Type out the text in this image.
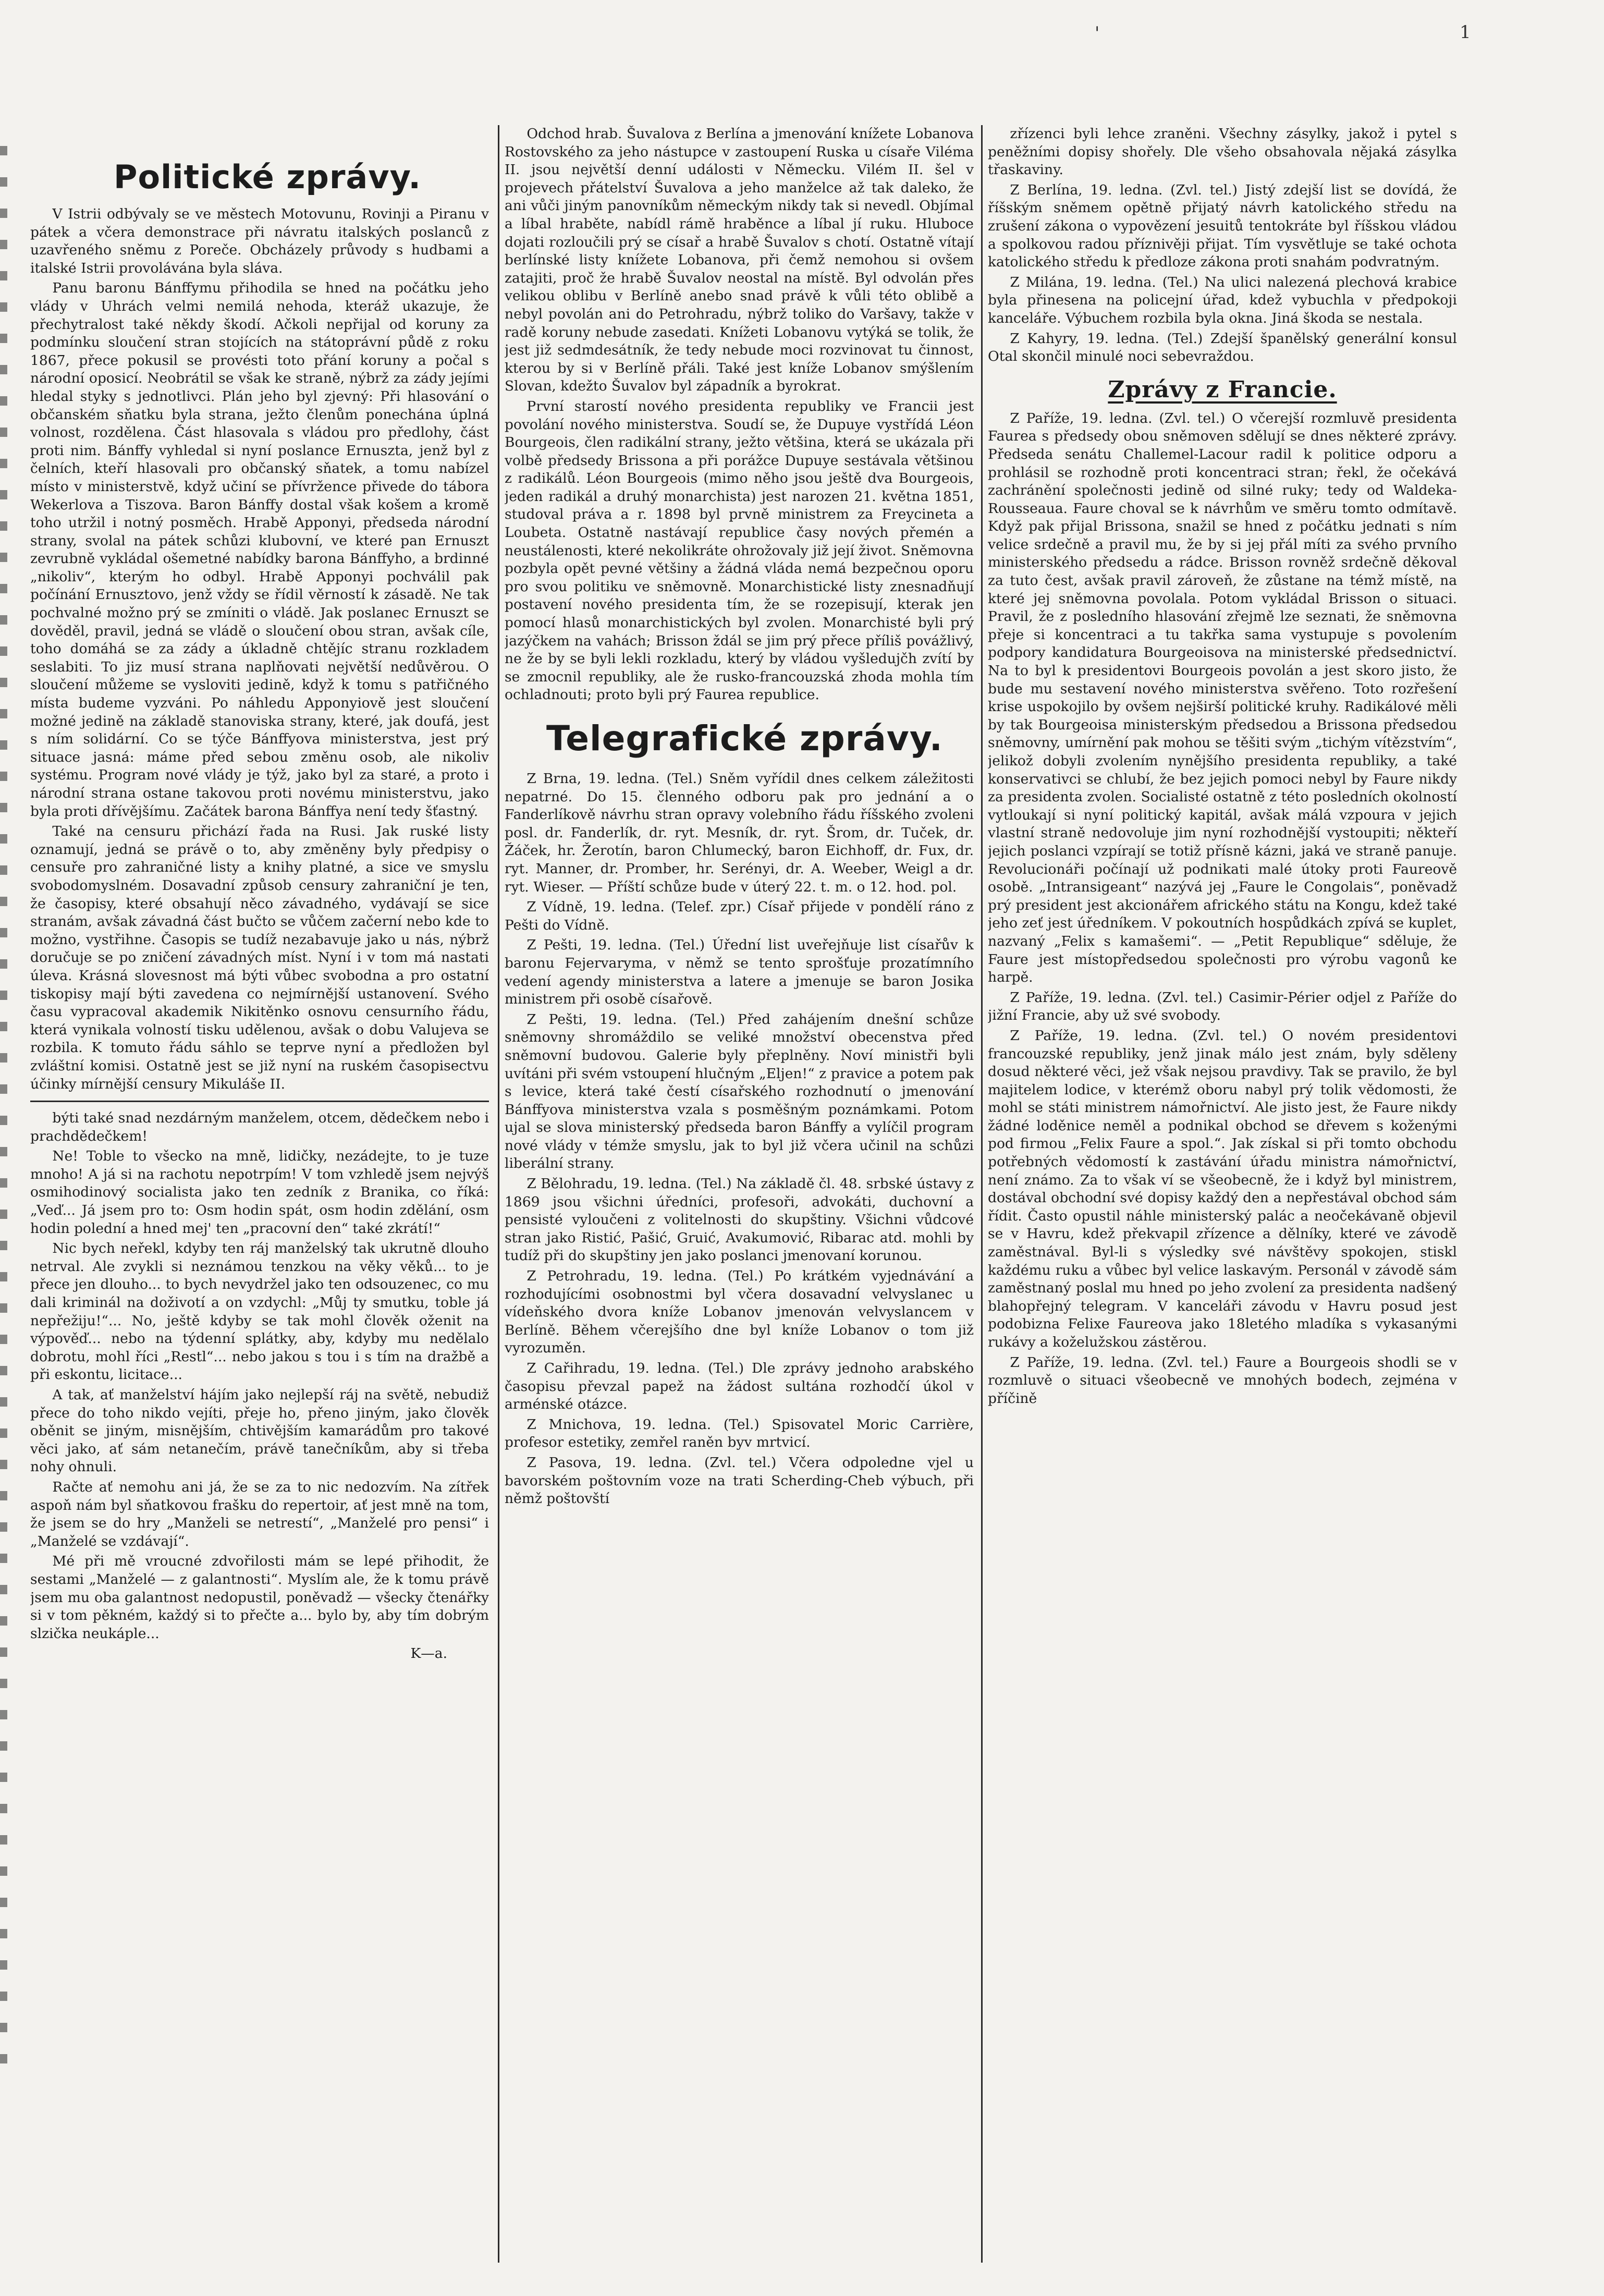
'	1
Politické zprávy.

V Istrii odbývaly se ve městech Motovunu, Rovinji a Piranu v pátek a včera demonstrace při návratu italských poslanců z uzavřeného sněmu z Poreče. Obcházely průvody s hudbami a italské Istrii provolávána byla sláva.

Panu baronu Bánffymu přihodila se hned na počátku jeho vlády v Uhrách velmi nemilá nehoda, kteráž ukazuje, že přechytralost také někdy škodí. Ačkoli nepřijal od koruny za podmínku sloučení stran stojících na státoprávní půdě z roku 1867, přece pokusil se provésti toto přání koruny a počal s národní oposicí. Neobrátil se však ke straně, nýbrž za zády jejími hledal styky s jednotlivci. Plán jeho byl zjevný: Při hlasování o občanském sňatku byla strana, ježto členům ponechána úplná volnost, rozdělena. Část hlasovala s vládou pro předlohy, část proti nim. Bánffy vyhledal si nyní poslance Ernuszta, jenž byl z čelních, kteří hlasovali pro občanský sňatek, a tomu nabízel místo v ministerstvě, když učiní se přívržence přivede do tábora Wekerlova a Tiszova. Baron Bánffy dostal však košem a kromě toho utržil i notný posměch. Hrabě Apponyi, předseda národní strany, svolal na pátek schůzi klubovní, ve které pan Ernuszt zevrubně vykládal ošemetné nabídky barona Bánffyho, a brdinné „nikoliv“, kterým ho odbyl. Hrabě Apponyi pochválil pak počínání Ernusztovo, jenž vždy se řídil věrností k zásadě. Ne tak pochvalné možno prý se zmíniti o vládě. Jak poslanec Ernuszt se dověděl, pravil, jedná se vládě o sloučení obou stran, avšak cíle, toho domáhá se za zády a úkladně chtějíc stranu rozkladem seslabiti. To jiz musí strana naplňovati největší nedůvěrou. O sloučení můžeme se vysloviti jedině, když k tomu s patřičného místa budeme vyzváni. Po náhledu Apponyiově jest sloučení možné jedině na základě stanoviska strany, které, jak doufá, jest s ním solidární. Co se týče Bánffyova ministerstva, jest prý situace jasná: máme před sebou změnu osob, ale nikoliv systému. Program nové vlády je týž, jako byl za staré, a proto i národní strana ostane takovou proti novému ministerstvu, jako byla proti dřívějšímu. Začátek barona Bánffya není tedy šťastný.

Také na censuru přichází řada na Rusi. Jak ruské listy oznamují, jedná se právě o to, aby změněny byly předpisy o censuře pro zahraničné listy a knihy platné, a sice ve smyslu svobodomyslném. Dosavadní způsob censury zahraniční je ten, že časopisy, které obsahují něco závadného, vydávají se sice stranám, avšak závadná část bučto se vůčem začerní nebo kde to možno, vystřihne. Časopis se tudíž nezabavuje jako u nás, nýbrž doručuje se po zničení závadných míst. Nyní i v tom má nastati úleva. Krásná slovesnost má býti vůbec svobodna a pro ostatní tiskopisy mají býti zavedena co nejmírnější ustanovení. Svého času vypracoval akademik Nikitěnko osnovu censurního řádu, která vynikala volností tisku udělenou, avšak o dobu Valujeva se rozbila. K tomuto řádu sáhlo se teprve nyní a předložen byl zvláštní komisi. Ostatně jest se již nyní na ruském časopisectvu účinky mírnější censury Mikuláše II.

býti také snad nezdárným manželem, otcem, dědečkem nebo i prachdědečkem!

Ne! Toble to všecko na mně, lidičky, nezádejte, to je tuze mnoho! A já si na rachotu nepotrpím! V tom vzhledě jsem nejvýš osmihodinový socialista jako ten zedník z Branika, co říká: „Veď... Já jsem pro to: Osm hodin spát, osm hodin zdělání, osm hodin polední a hned mej' ten „pracovní den“ také zkrátí!“

Nic bych neřekl, kdyby ten ráj manželský tak ukrutně dlouho netrval. Ale zvykli si neznámou tenzkou na věky věků... to je přece jen dlouho... to bych nevydržel jako ten odsouzenec, co mu dali kriminál na doživotí a on vzdychl: „Můj ty smutku, toble já nepřežiju!“... No, ještě kdyby se tak mohl člověk oženit na výpověď... nebo na týdenní splátky, aby, kdyby mu nedělalo dobrotu, mohl říci „Restl“... nebo jakou s tou i s tím na dražbě a při eskontu, licitace...

A tak, ať manželství hájím jako nejlepší ráj na světě, nebudiž přece do toho nikdo vejíti, přeje ho, přeno jiným, jako člověk oběnit se jiným, misnějším, chtivějším kamarádům pro takové věci jako, ať sám netanečím, právě tanečníkům, aby si třeba nohy ohnuli.

Račte ať nemohu ani já, že se za to nic nedozvím. Na zítřek aspoň nám byl sňatkovou frašku do repertoir, ať jest mně na tom, že jsem se do hry „Manželi se netrestí“, „Manželé pro pensi“ i „Manželé se vzdávají“.

Mé při mě vroucné zdvořilosti mám se lepé přihodit, že sestami „Manželé — z galantnosti“. Myslím ale, že k tomu právě jsem mu oba galantnost nedopustil, poněvadž — všecky čtenářky si v tom pěkném, každý si to přečte a... bylo by, aby tím dobrým slzička neukáple...

K—a.

Odchod hrab. Šuvalova z Berlína a jmenování knížete Lobanova Rostovského za jeho nástupce v zastoupení Ruska u císaře Viléma II. jsou největší denní události v Německu. Vilém II. šel v projevech přátelství Šuvalova a jeho manželce až tak daleko, že ani vůči jiným panovníkům německým nikdy tak si nevedl. Objímal a líbal hraběte, nabídl rámě hraběnce a líbal jí ruku. Hluboce dojati rozloučili prý se císař a hrabě Šuvalov s chotí. Ostatně vítají berlínské listy knížete Lobanova, při čemž nemohou si ovšem zatajiti, proč že hrabě Šuvalov neostal na místě. Byl odvolán přes velikou oblibu v Berlíně anebo snad právě k vůli této oblibě a nebyl povolán ani do Petrohradu, nýbrž toliko do Varšavy, takže v radě koruny nebude zasedati. Knížeti Lobanovu vytýká se tolik, že jest již sedmdesátník, že tedy nebude moci rozvinovat tu činnost, kterou by si v Berlíně přáli. Také jest kníže Lobanov smýšlením Slovan, kdežto Šuvalov byl západník a byrokrat.

První starostí nového presidenta republiky ve Francii jest povolání nového ministerstva. Soudí se, že Dupuye vystřídá Léon Bourgeois, člen radikální strany, ježto většina, která se ukázala při volbě předsedy Brissona a při porážce Dupuye sestávala většinou z radikálů. Léon Bourgeois (mimo něho jsou ještě dva Bourgeois, jeden radikál a druhý monarchista) jest narozen 21. května 1851, studoval práva a r. 1898 byl prvně ministrem za Freycineta a Loubeta. Ostatně nastávají republice časy nových přemén a neustálenosti, které nekolikráte ohrožovaly již její život. Sněmovna pozbyla opět pevné většiny a žádná vláda nemá bezpečnou oporu pro svou politiku ve sněmovně. Monarchistické listy znesnadňují postavení nového presidenta tím, že se rozepisují, kterak jen pomocí hlasů monarchistických byl zvolen. Monarchisté byli prý jazýčkem na vahách; Brisson ždál se jim prý přece příliš povážlivý, ne že by se byli lekli rozkladu, který by vládou vyšledujčh zvítí by se zmocnil republiky, ale že rusko-francouzská zhoda mohla tím ochladnouti; proto byli prý Faurea republice.

Telegrafické zprávy.

Z Brna, 19. ledna. (Tel.) Sněm vyřídil dnes celkem záležitosti nepatrné. Do 15. členného odboru pak pro jednání a o Fanderlíkově návrhu stran opravy volebního řádu říšského zvoleni posl. dr. Fanderlík, dr. ryt. Mesník, dr. ryt. Šrom, dr. Tuček, dr. Žáček, hr. Žerotín, baron Chlumecký, baron Eichhoff, dr. Fux, dr. ryt. Manner, dr. Promber, hr. Serényi, dr. A. Weeber, Weigl a dr. ryt. Wieser. — Příští schůze bude v úterý 22. t. m. o 12. hod. pol.

Z Vídně, 19. ledna. (Telef. zpr.) Císař přijede v pondělí ráno z Pešti do Vídně.

Z Pešti, 19. ledna. (Tel.) Úřední list uveřejňuje list císařův k baronu Fejervaryma, v němž se tento sprošťuje prozatímního vedení agendy ministerstva a latere a jmenuje se baron Josika ministrem při osobě císařově.

Z Pešti, 19. ledna. (Tel.) Před zahájením dnešní schůze sněmovny shromáždilo se veliké množství obecenstva před sněmovní budovou. Galerie byly přeplněny. Noví ministři byli uvítáni při svém vstoupení hlučným „Eljen!“ z pravice a potem pak s levice, která také čestí císařského rozhodnutí o jmenování Bánffyova ministerstva vzala s posměšným poznámkami. Potom ujal se slova ministerský předseda baron Bánffy a vylíčil program nové vlády v témže smyslu, jak to byl již včera učinil na schůzi liberální strany.

Z Bělohradu, 19. ledna. (Tel.) Na základě čl. 48. srbské ústavy z 1869 jsou všichni úředníci, profesoři, advokáti, duchovní a pensisté vyloučeni z volitelnosti do skupštiny. Všichni vůdcové stran jako Ristić, Pašić, Gruić, Avakumović, Ribarac atd. mohli by tudíž při do skupštiny jen jako poslanci jmenovaní korunou.

Z Petrohradu, 19. ledna. (Tel.) Po krátkém vyjednávání a rozhodujícími osobnostmi byl včera dosavadní velvyslanec u vídeňského dvora kníže Lobanov jmenován velvyslancem v Berlíně. Během včerejšího dne byl kníže Lobanov o tom již vyrozuměn.

Z Cařihradu, 19. ledna. (Tel.) Dle zprávy jednoho arabského časopisu převzal papež na žádost sultána rozhodčí úkol v arménské otázce.

Z Mnichova, 19. ledna. (Tel.) Spisovatel Moric Carrière, profesor estetiky, zemřel raněn byv mrtvicí.

Z Pasova, 19. ledna. (Zvl. tel.) Včera odpoledne vjel u bavorském poštovním voze na trati Scherding-Cheb výbuch, při němž poštovští

zřízenci byli lehce zraněni. Všechny zásylky, jakož i pytel s peněžními dopisy shořely. Dle všeho obsahovala nějaká zásylka třaskaviny.

Z Berlína, 19. ledna. (Zvl. tel.) Jistý zdejší list se dovídá, že říšským sněmem opětně přijatý návrh katolického středu na zrušení zákona o vypovězení jesuitů tentokráte byl říšskou vládou a spolkovou radou příznivěji přijat. Tím vysvětluje se také ochota katolického středu k předloze zákona proti snahám podvratným.

Z Milána, 19. ledna. (Tel.) Na ulici nalezená plechová krabice byla přinesena na policejní úřad, kdež vybuchla v předpokoji kanceláře. Výbuchem rozbila byla okna. Jiná škoda se nestala.

Z Kahyry, 19. ledna. (Tel.) Zdejší španělský generální konsul Otal skončil minulé noci sebevraždou.

Zprávy z Francie.

Z Paříže, 19. ledna. (Zvl. tel.) O včerejší rozmluvě presidenta Faurea s předsedy obou sněmoven sdělují se dnes některé zprávy. Předseda senátu Challemel-Lacour radil k politice odporu a prohlásil se rozhodně proti koncentraci stran; řekl, že očekává zachránění společnosti jedině od silné ruky; tedy od Waldeka-Rousseaua. Faure choval se k návrhům ve směru tomto odmítavě. Když pak přijal Brissona, snažil se hned z počátku jednati s ním velice srdečně a pravil mu, že by si jej přál míti za svého prvního ministerského předsedu a rádce. Brisson rovněž srdečně děkoval za tuto čest, avšak pravil zároveň, že zůstane na témž místě, na které jej sněmovna povolala. Potom vykládal Brisson o situaci. Pravil, že z posledního hlasování zřejmě lze seznati, že sněmovna přeje si koncentraci a tu takřka sama vystupuje s povolením podpory kandidatura Bourgeoisova na ministerské předsednictví. Na to byl k presidentovi Bourgeois povolán a jest skoro jisto, že bude mu sestavení nového ministerstva svěřeno. Toto rozřešení krise uspokojilo by ovšem nejširší politické kruhy. Radikálové měli by tak Bourgeoisa ministerským předsedou a Brissona předsedou sněmovny, umírnění pak mohou se těšiti svým „tichým vítězstvím“, jelikož dobyli zvolením nynějšího presidenta republiky, a také konservativci se chlubí, že bez jejich pomoci nebyl by Faure nikdy za presidenta zvolen. Socialisté ostatně z této posledních okolností vytloukají si nyní politický kapitál, avšak málá vzpoura v jejich vlastní straně nedovoluje jim nyní rozhodnější vystoupiti; někteří jejich poslanci vzpírají se totiž přísně kázni, jaká ve straně panuje. Revolucionáři počínají už podnikati malé útoky proti Faureově osobě. „Intransigeant“ nazývá jej „Faure le Congolais“, poněvadž prý president jest akcionářem afrického státu na Kongu, kdež také jeho zeť jest úředníkem. V pokoutních hospůdkách zpívá se kuplet, nazvaný „Felix s kamašemi“. — „Petit Republique“ sděluje, že Faure jest místopředsedou společnosti pro výrobu vagonů ke harpě.

Z Paříže, 19. ledna. (Zvl. tel.) Casimir-Périer odjel z Paříže do jižní Francie, aby už své svobody.

Z Paříže, 19. ledna. (Zvl. tel.) O novém presidentovi francouzské republiky, jenž jinak málo jest znám, byly sděleny dosud některé věci, jež však nejsou pravdivy. Tak se pravilo, že byl majitelem lodice, v kterémž oboru nabyl prý tolik vědomosti, že mohl se státi ministrem námořnictví. Ale jisto jest, že Faure nikdy žádné loděnice neměl a podnikal obchod se dřevem s koženými pod firmou „Felix Faure a spol.“. Jak získal si při tomto obchodu potřebných vědomostí k zastávání úřadu ministra námořnictví, není známo. Za to však ví se všeobecně, že i když byl ministrem, dostával obchodní své dopisy každý den a nepřestával obchod sám řídit. Často opustil náhle ministerský palác a neočekávaně objevil se v Havru, kdež překvapil zřízence a dělníky, které ve závodě zaměstnával. Byl-li s výsledky své návštěvy spokojen, stiskl každému ruku a vůbec byl velice laskavým. Personál v závodě sám zaměstnaný poslal mu hned po jeho zvolení za presidenta nadšený blahopřejný telegram. V kanceláři závodu v Havru posud jest podobizna Felixe Faureova jako 18letého mladíka s vykasanými rukávy a koželužskou zástěrou.

Z Paříže, 19. ledna. (Zvl. tel.) Faure a Bourgeois shodli se v rozmluvě o situaci všeobecně ve mnohých bodech, zejména v příčině
